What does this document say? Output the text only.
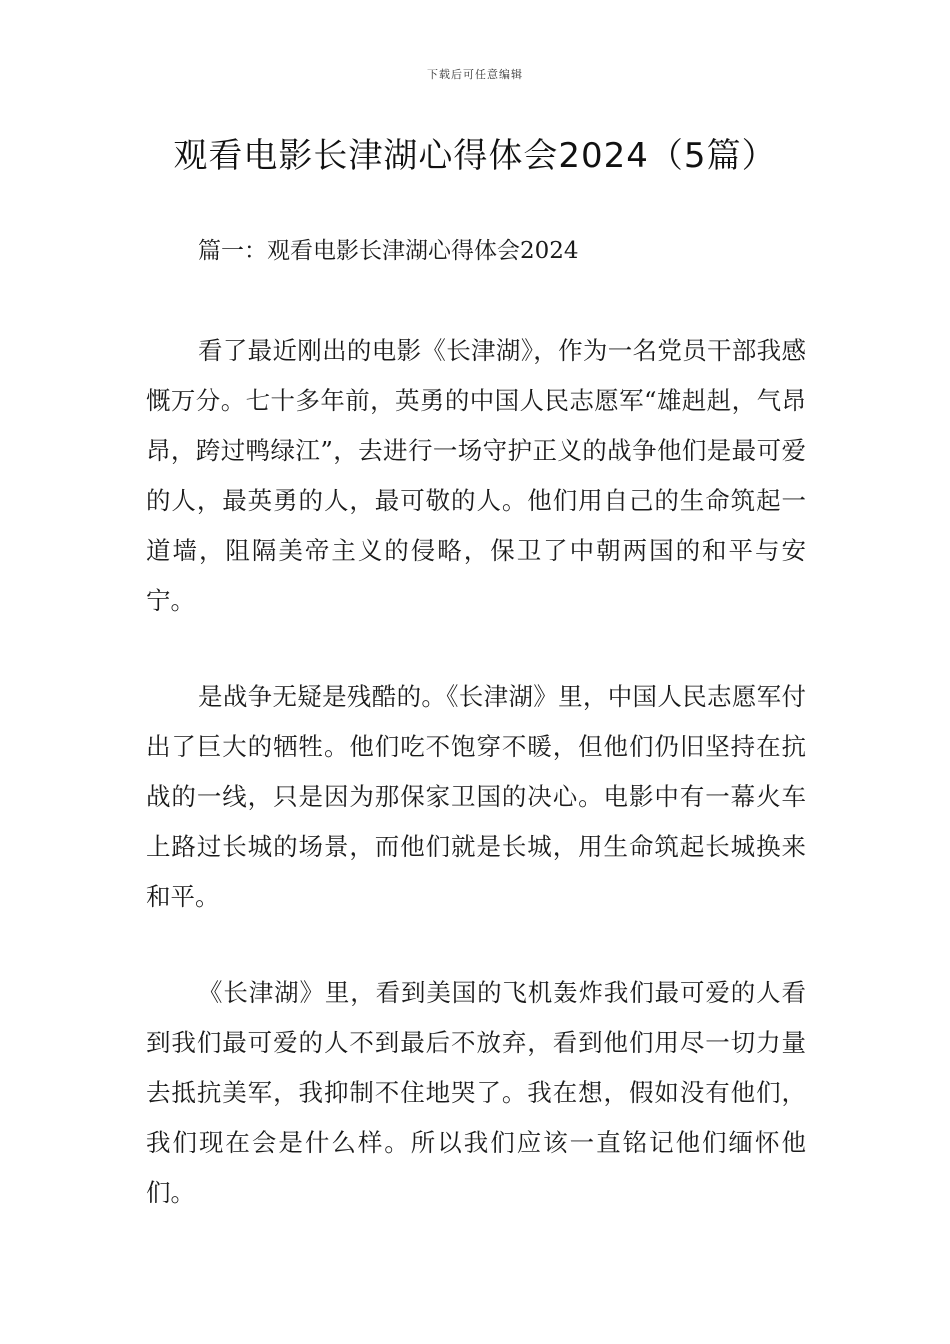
下载后可任意编辑
观看电影长津湖心得体会2024（5篇）
篇一：观看电影长津湖心得体会2024

看了最近刚出的电影《长津湖》，作为一名党员干部我感慨万分。七十多年前，英勇的中国人民志愿军“雄赳赳，气昂昂，跨过鸭绿江”，去进行一场守护正义的战争他们是最可爱的人，最英勇的人，最可敬的人。他们用自己的生命筑起一道墙，阻隔美帝主义的侵略，保卫了中朝两国的和平与安宁。

是战争无疑是残酷的。《长津湖》里，中国人民志愿军付出了巨大的牺牲。他们吃不饱穿不暖，但他们仍旧坚持在抗战的一线，只是因为那保家卫国的决心。电影中有一幕火车上路过长城的场景，而他们就是长城，用生命筑起长城换来和平。

《长津湖》里，看到美国的飞机轰炸我们最可爱的人看到我们最可爱的人不到最后不放弃，看到他们用尽一切力量去抵抗美军，我抑制不住地哭了。我在想，假如没有他们，我们现在会是什么样。所以我们应该一直铭记他们缅怀他们。
